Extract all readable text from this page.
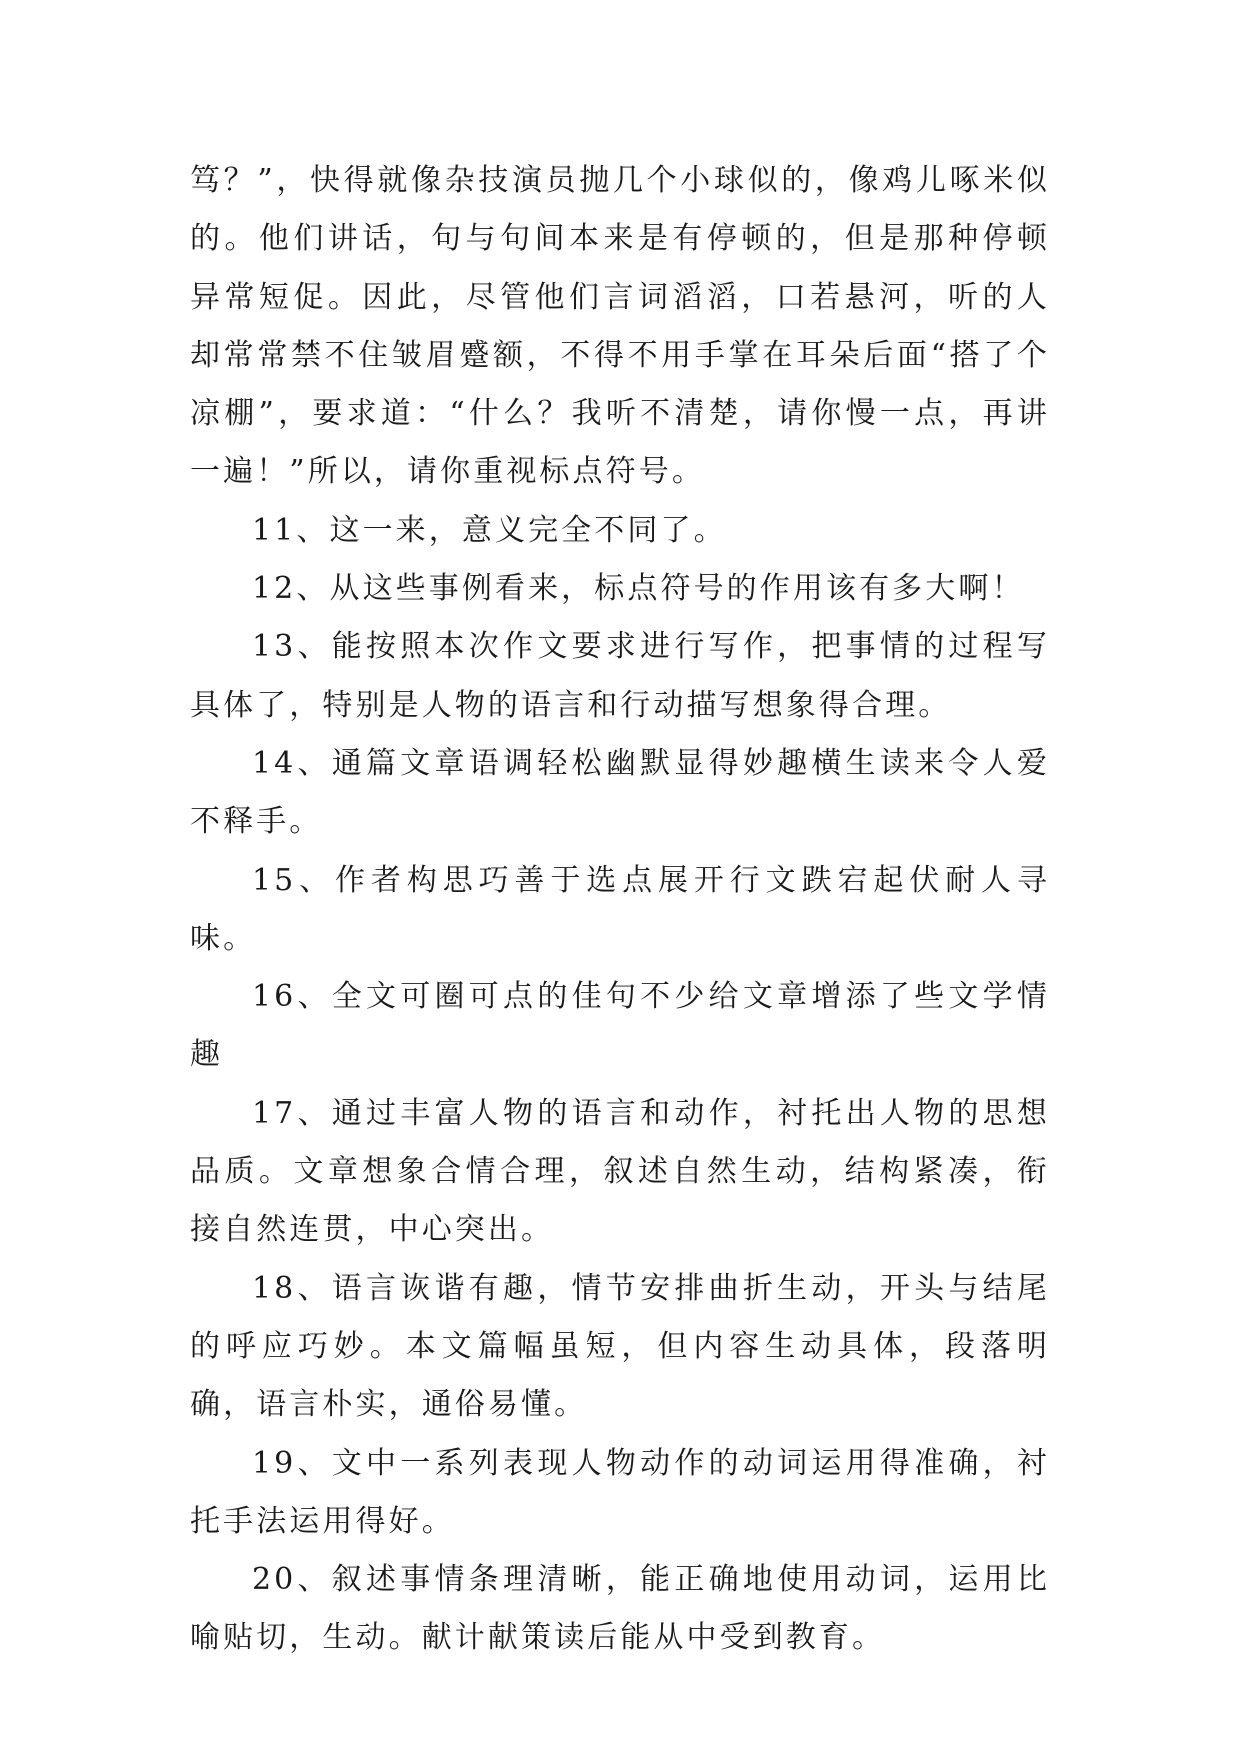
笃？”，快得就像杂技演员抛几个小球似的，像鸡儿啄米似的。他们讲话，句与句间本来是有停顿的，但是那种停顿异常短促。因此，尽管他们言词滔滔，口若悬河，听的人却常常禁不住皱眉蹙额，不得不用手掌在耳朵后面“搭了个凉棚”，要求道：“什么？我听不清楚，请你慢一点，再讲一遍！”所以，请你重视标点符号。

11、这一来，意义完全不同了。

12、从这些事例看来，标点符号的作用该有多大啊！

13、能按照本次作文要求进行写作，把事情的过程写具体了，特别是人物的语言和行动描写想象得合理。

14、通篇文章语调轻松幽默显得妙趣横生读来令人爱不释手。

15、作者构思巧善于选点展开行文跌宕起伏耐人寻味。

16、全文可圈可点的佳句不少给文章增添了些文学情趣

17、通过丰富人物的语言和动作，衬托出人物的思想品质。文章想象合情合理，叙述自然生动，结构紧凑，衔接自然连贯，中心突出。

18、语言诙谐有趣，情节安排曲折生动，开头与结尾的呼应巧妙。本文篇幅虽短，但内容生动具体，段落明确，语言朴实，通俗易懂。

19、文中一系列表现人物动作的动词运用得准确，衬托手法运用得好。

20、叙述事情条理清晰，能正确地使用动词，运用比喻贴切，生动。献计献策读后能从中受到教育。
